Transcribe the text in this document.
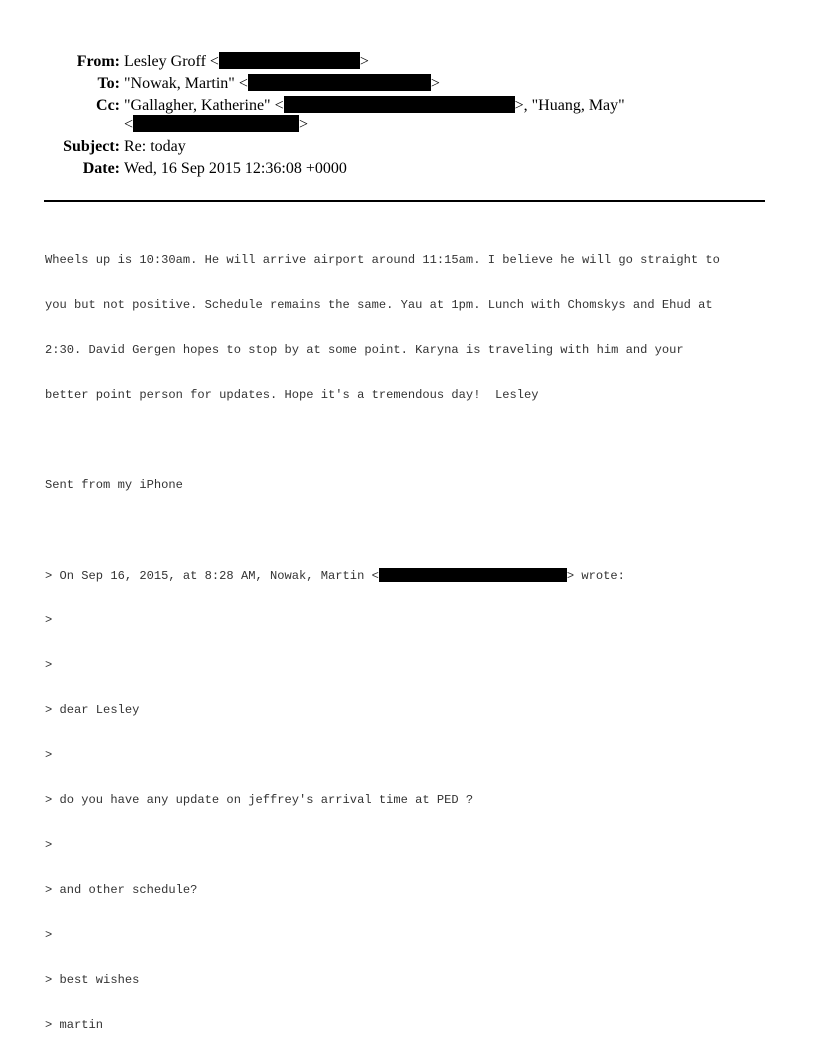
From: Lesley Groff <	>
To: "Nowak, Martin" <	>
Cc: "Gallagher, Katherine" <	>, "Huang, May"
<	>
Subject: Re: today
Date: Wed, 16 Sep 2015 12:36:08 +0000

Wheels up is 10:30am. He will arrive airport around 11:15am. I believe he will go straight to

you but not positive. Schedule remains the same. Yau at 1pm. Lunch with Chomskys and Ehud at

2:30. David Gergen hopes to stop by at some point. Karyna is traveling with him and your

better point person for updates. Hope it's a tremendous day!  Lesley

Sent from my iPhone

> On Sep 16, 2015, at 8:28 AM, Nowak, Martin <	> wrote:

>

>

> dear Lesley

>

> do you have any update on jeffrey's arrival time at PED ?

>

> and other schedule?

>

> best wishes

> martin
